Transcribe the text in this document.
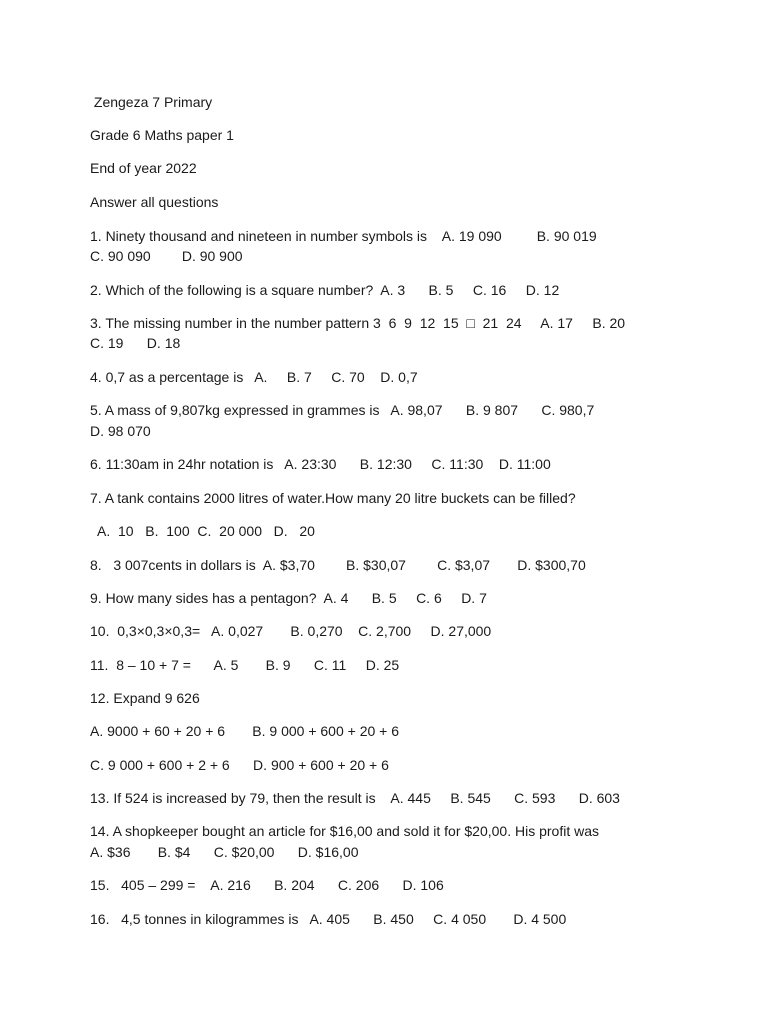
Zengeza 7 Primary
Grade 6 Maths paper 1
End of year 2022
Answer all questions
1. Ninety thousand and nineteen in number symbols is    A. 19 090         B. 90 019
C. 90 090        D. 90 900
2. Which of the following is a square number?  A. 3      B. 5     C. 16     D. 12
3. The missing number in the number pattern 3  6  9  12  15  □  21  24     A. 17     B. 20
C. 19      D. 18
4. 0,7 as a percentage is   A.     B. 7     C. 70    D. 0,7
5. A mass of 9,807kg expressed in grammes is   A. 98,07      B. 9 807      C. 980,7
D. 98 070
6. 11:30am in 24hr notation is   A. 23:30      B. 12:30     C. 11:30    D. 11:00
7. A tank contains 2000 litres of water.How many 20 litre buckets can be filled?
A.  10   B.  100  C.  20 000   D.   20
8.   3 007cents in dollars is  A. $3,70        B. $30,07        C. $3,07       D. $300,70
9. How many sides has a pentagon?  A. 4      B. 5     C. 6     D. 7
10.  0,3×0,3×0,3=   A. 0,027       B. 0,270    C. 2,700     D. 27,000
11.  8 – 10 + 7 =      A. 5       B. 9      C. 11     D. 25
12. Expand 9 626
A. 9000 + 60 + 20 + 6       B. 9 000 + 600 + 20 + 6
C. 9 000 + 600 + 2 + 6      D. 900 + 600 + 20 + 6
13. If 524 is increased by 79, then the result is    A. 445     B. 545      C. 593      D. 603
14. A shopkeeper bought an article for $16,00 and sold it for $20,00. His profit was
A. $36       B. $4      C. $20,00      D. $16,00
15.   405 – 299 =    A. 216      B. 204      C. 206      D. 106
16.   4,5 tonnes in kilogrammes is   A. 405      B. 450     C. 4 050       D. 4 500
